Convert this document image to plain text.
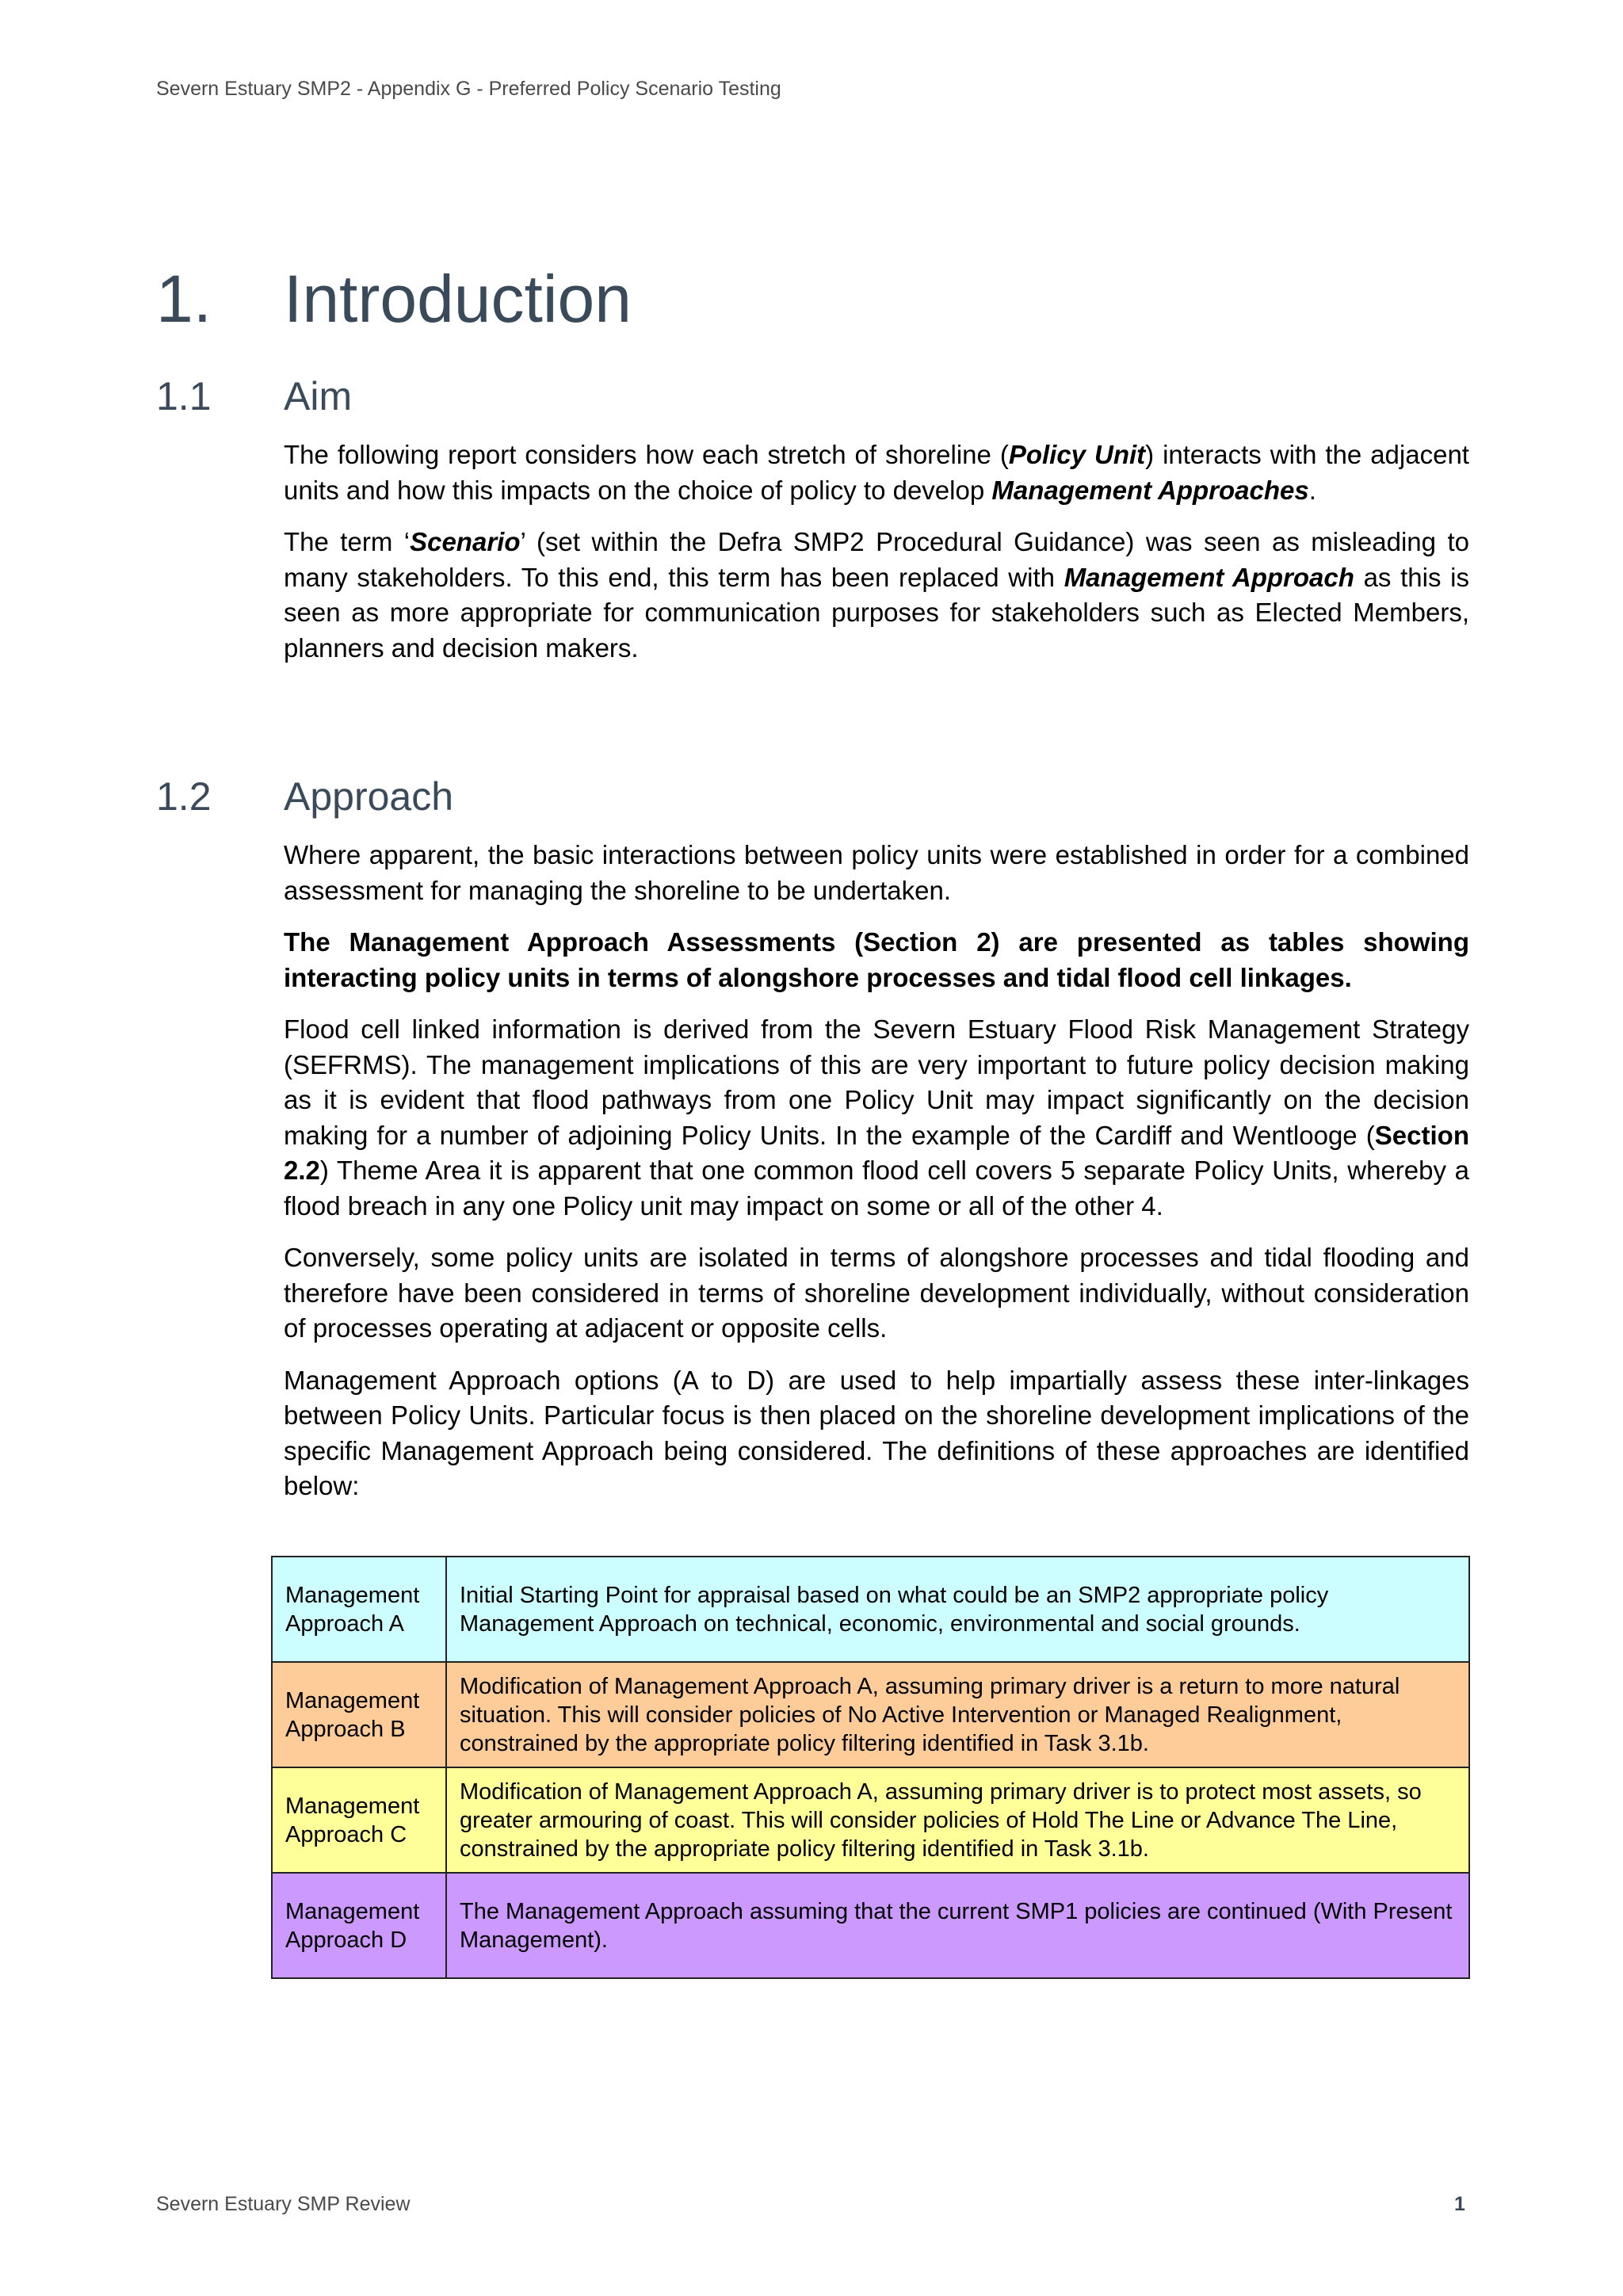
Severn Estuary SMP2 - Appendix G - Preferred Policy Scenario Testing
1. Introduction
1.1 Aim

The following report considers how each stretch of shoreline (Policy Unit) interacts with the adjacent units and how this impacts on the choice of policy to develop Management Approaches.

The term ‘Scenario’ (set within the Defra SMP2 Procedural Guidance) was seen as misleading to many stakeholders. To this end, this term has been replaced with Management Approach as this is seen as more appropriate for communication purposes for stakeholders such as Elected Members, planners and decision makers.

1.2 Approach

Where apparent, the basic interactions between policy units were established in order for a combined assessment for managing the shoreline to be undertaken.

The Management Approach Assessments (Section 2) are presented as tables showing interacting policy units in terms of alongshore processes and tidal flood cell linkages.

Flood cell linked information is derived from the Severn Estuary Flood Risk Management Strategy (SEFRMS). The management implications of this are very important to future policy decision making as it is evident that flood pathways from one Policy Unit may impact significantly on the decision making for a number of adjoining Policy Units. In the example of the Cardiff and Wentlooge (Section 2.2) Theme Area it is apparent that one common flood cell covers 5 separate Policy Units, whereby a flood breach in any one Policy unit may impact on some or all of the other 4.

Conversely, some policy units are isolated in terms of alongshore processes and tidal flooding and therefore have been considered in terms of shoreline development individually, without consideration of processes operating at adjacent or opposite cells.

Management Approach options (A to D) are used to help impartially assess these inter-linkages between Policy Units. Particular focus is then placed on the shoreline development implications of the specific Management Approach being considered. The definitions of these approaches are identified below:

Management Approach A	Initial Starting Point for appraisal based on what could be an SMP2 appropriate policy Management Approach on technical, economic, environmental and social grounds.
Management Approach B	Modification of Management Approach A, assuming primary driver is a return to more natural situation. This will consider policies of No Active Intervention or Managed Realignment, constrained by the appropriate policy filtering identified in Task 3.1b.
Management Approach C	Modification of Management Approach A, assuming primary driver is to protect most assets, so greater armouring of coast. This will consider policies of Hold The Line or Advance The Line, constrained by the appropriate policy filtering identified in Task 3.1b.
Management Approach D	The Management Approach assuming that the current SMP1 policies are continued (With Present Management).
Severn Estuary SMP Review	1
